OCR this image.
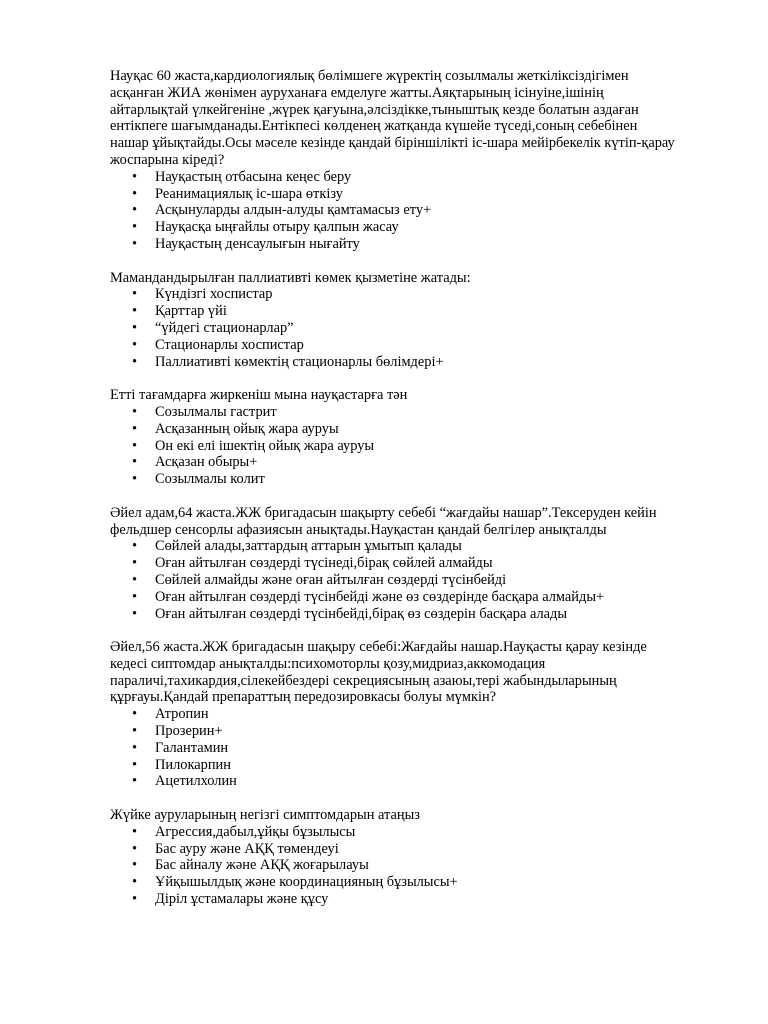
Науқас 60 жаста,кардиологиялық бөлімшеге жүректің созылмалы жеткіліксіздігімен
асқанған ЖИА жөнімен ауруханаға емделуге жатты.Аяқтарының ісінуіне,ішінің
айтарлықтай үлкейгеніне ,жүрек қағуына,әлсіздікке,тыныштық кезде болатын аздаған
ентікпеге шағымданады.Ентікпесі көлденең жатқанда күшейе түседі,соның себебінен
нашар ұйықтайды.Осы мәселе кезінде қандай біріншілікті іс-шара мейірбекелік күтіп-қарау
жоспарына кіреді?

• Науқастың отбасына кеңес беру
• Реанимациялық іс-шара өткізу
• Асқынуларды алдын-алуды қамтамасыз ету+
• Науқасқа ыңғайлы отыру қалпын жасау
• Науқастың денсаулығын нығайту

Мамандандырылған паллиативті көмек қызметіне жатады:

• Күндізгі хоспистар
• Қарттар үйі
• “үйдегі стационарлар”
• Стационарлы хоспистар
• Паллиативті көмектің стационарлы бөлімдері+

Етті тағамдарға жиркеніш мына науқастарға тән

• Созылмалы гастрит
• Асқазанның ойық жара ауруы
• Он екі елі ішектің ойық жара ауруы
• Асқазан обыры+
• Созылмалы колит

Әйел адам,64 жаста.ЖЖ бригадасын шақырту себебі “жағдайы нашар”.Тексеруден кейін
фельдшер сенсорлы афазиясын анықтады.Науқастан қандай белгілер анықталды

• Сөйлей алады,заттардың аттарын ұмытып қалады
• Оған айтылған сөздерді түсінеді,бірақ сөйлей алмайды
• Сөйлей алмайды және оған айтылған сөздерді түсінбейді
• Оған айтылған сөздерді түсінбейді және өз сөздерінде басқара алмайды+
• Оған айтылған сөздерді түсінбейді,бірақ өз сөздерін басқара алады

Әйел,56 жаста.ЖЖ бригадасын шақыру себебі:Жағдайы нашар.Науқасты қарау кезінде
кедесі сиптомдар анықталды:психомоторлы қозу,мидриаз,аккомодация
параличі,тахикардия,сілекейбездері секрециясының азаюы,тері жабындыларының
құрғауы.Қандай препараттың передозировкасы болуы мүмкін?

• Атропин
• Прозерин+
• Галантамин
• Пилокарпин
• Ацетилхолин

Жүйке ауруларының негізгі симптомдарын атаңыз

• Агрессия,дабыл,ұйқы бұзылысы
• Бас ауру және АҚҚ төмендеуі
• Бас айналу және АҚҚ жоғарылауы
• Ұйқышылдық және координацияның бұзылысы+
• Діріл ұстамалары және құсу
